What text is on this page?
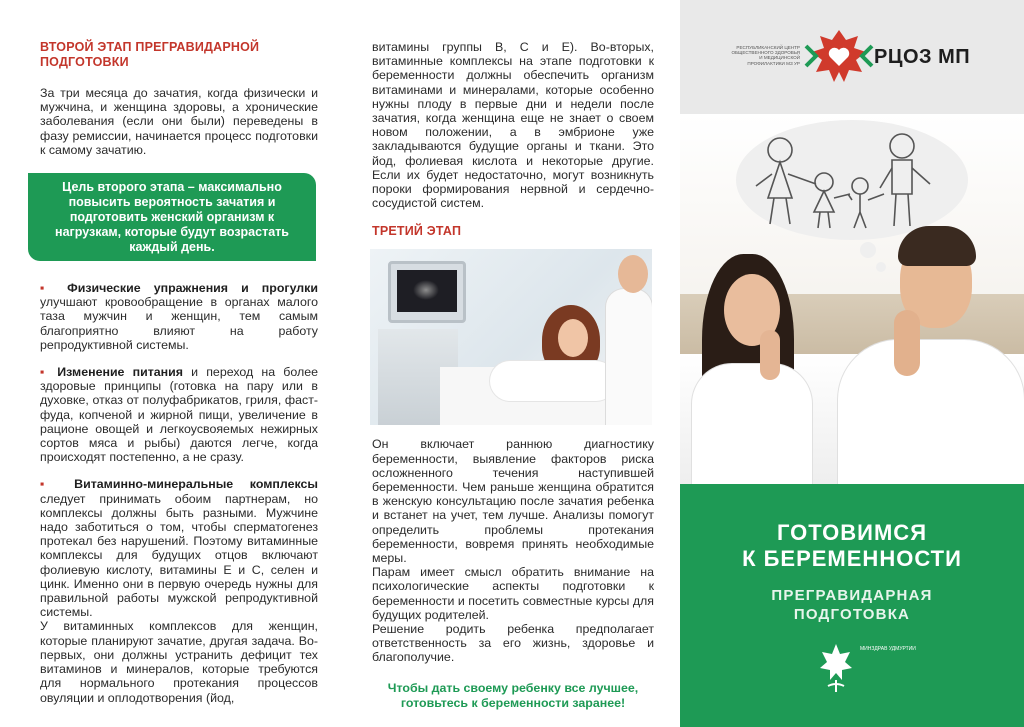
ВТОРОЙ ЭТАП ПРЕГРАВИДАРНОЙ ПОДГОТОВКИ

За три месяца до зачатия, когда физически и мужчина, и женщина здоровы, а хронические заболевания (если они были) переведены в фазу ремиссии, начинается процесс подготовки к самому зачатию.

Цель второго этапа – максимально повысить вероятность зачатия и подготовить женский организм к нагрузкам, которые будут возрастать каждый день.
▪ Физические упражнения и прогулки улучшают кровообращение в органах малого таза мужчин и женщин, тем самым благоприятно влияют на работу репродуктивной системы.
▪ Изменение питания и переход на более здоровые принципы (готовка на пару или в духовке, отказ от полуфабрикатов, гриля, фаст-фуда, копченой и жирной пищи, увеличение в рационе овощей и легкоусвояемых нежирных сортов мяса и рыбы) даются легче, когда происходят постепенно, а не сразу.
▪ Витаминно-минеральные комплексы следует принимать обоим партнерам, но комплексы должны быть разными. Мужчине надо заботиться о том, чтобы сперматогенез протекал без нарушений. Поэтому витаминные комплексы для будущих отцов включают фолиевую кислоту, витамины Е и С, селен и цинк. Именно они в первую очередь нужны для правильной работы мужской репродуктивной системы.

У витаминных комплексов для женщин, которые планируют зачатие, другая задача. Во-первых, они должны устранить дефицит тех витаминов и минералов, которые требуются для нормального протекания процессов овуляции и оплодотворения (йод,

витамины группы В, С и Е). Во-вторых, витаминные комплексы на этапе подготовки к беременности должны обеспечить организм витаминами и минералами, которые особенно нужны плоду в первые дни и недели после зачатия, когда женщина еще не знает о своем новом положении, а в эмбрионе уже закладываются будущие органы и ткани. Это йод, фолиевая кислота и некоторые другие. Если их будет недостаточно, могут возникнуть пороки формирования нервной и сердечно-сосудистой систем.

ТРЕТИЙ ЭТАП

Он включает раннюю диагностику беременности, выявление факторов риска осложненного течения наступившей беременности. Чем раньше женщина обратится в женскую консультацию после зачатия ребенка и встанет на учет, тем лучше. Анализы помогут определить проблемы протекания беременности, вовремя принять необходимые меры.

Парам имеет смысл обратить внимание на психологические аспекты подготовки к беременности и посетить совместные курсы для будущих родителей.

Решение родить ребенка предполагает ответственность за его жизнь, здоровье и благополучие.

Чтобы дать своему ребенку все лучшее, готовьтесь к беременности заранее!
РЕСПУБЛИКАНСКИЙ ЦЕНТР ОБЩЕСТВЕННОГО ЗДОРОВЬЯ И МЕДИЦИНСКОЙ ПРОФИЛАКТИКИ МЗ УР	РЦОЗ МП
ГОТОВИМСЯ
К БЕРЕМЕННОСТИ
ПРЕГРАВИДАРНАЯ
ПОДГОТОВКА
МИНЗДРАВ УДМУРТИИ
